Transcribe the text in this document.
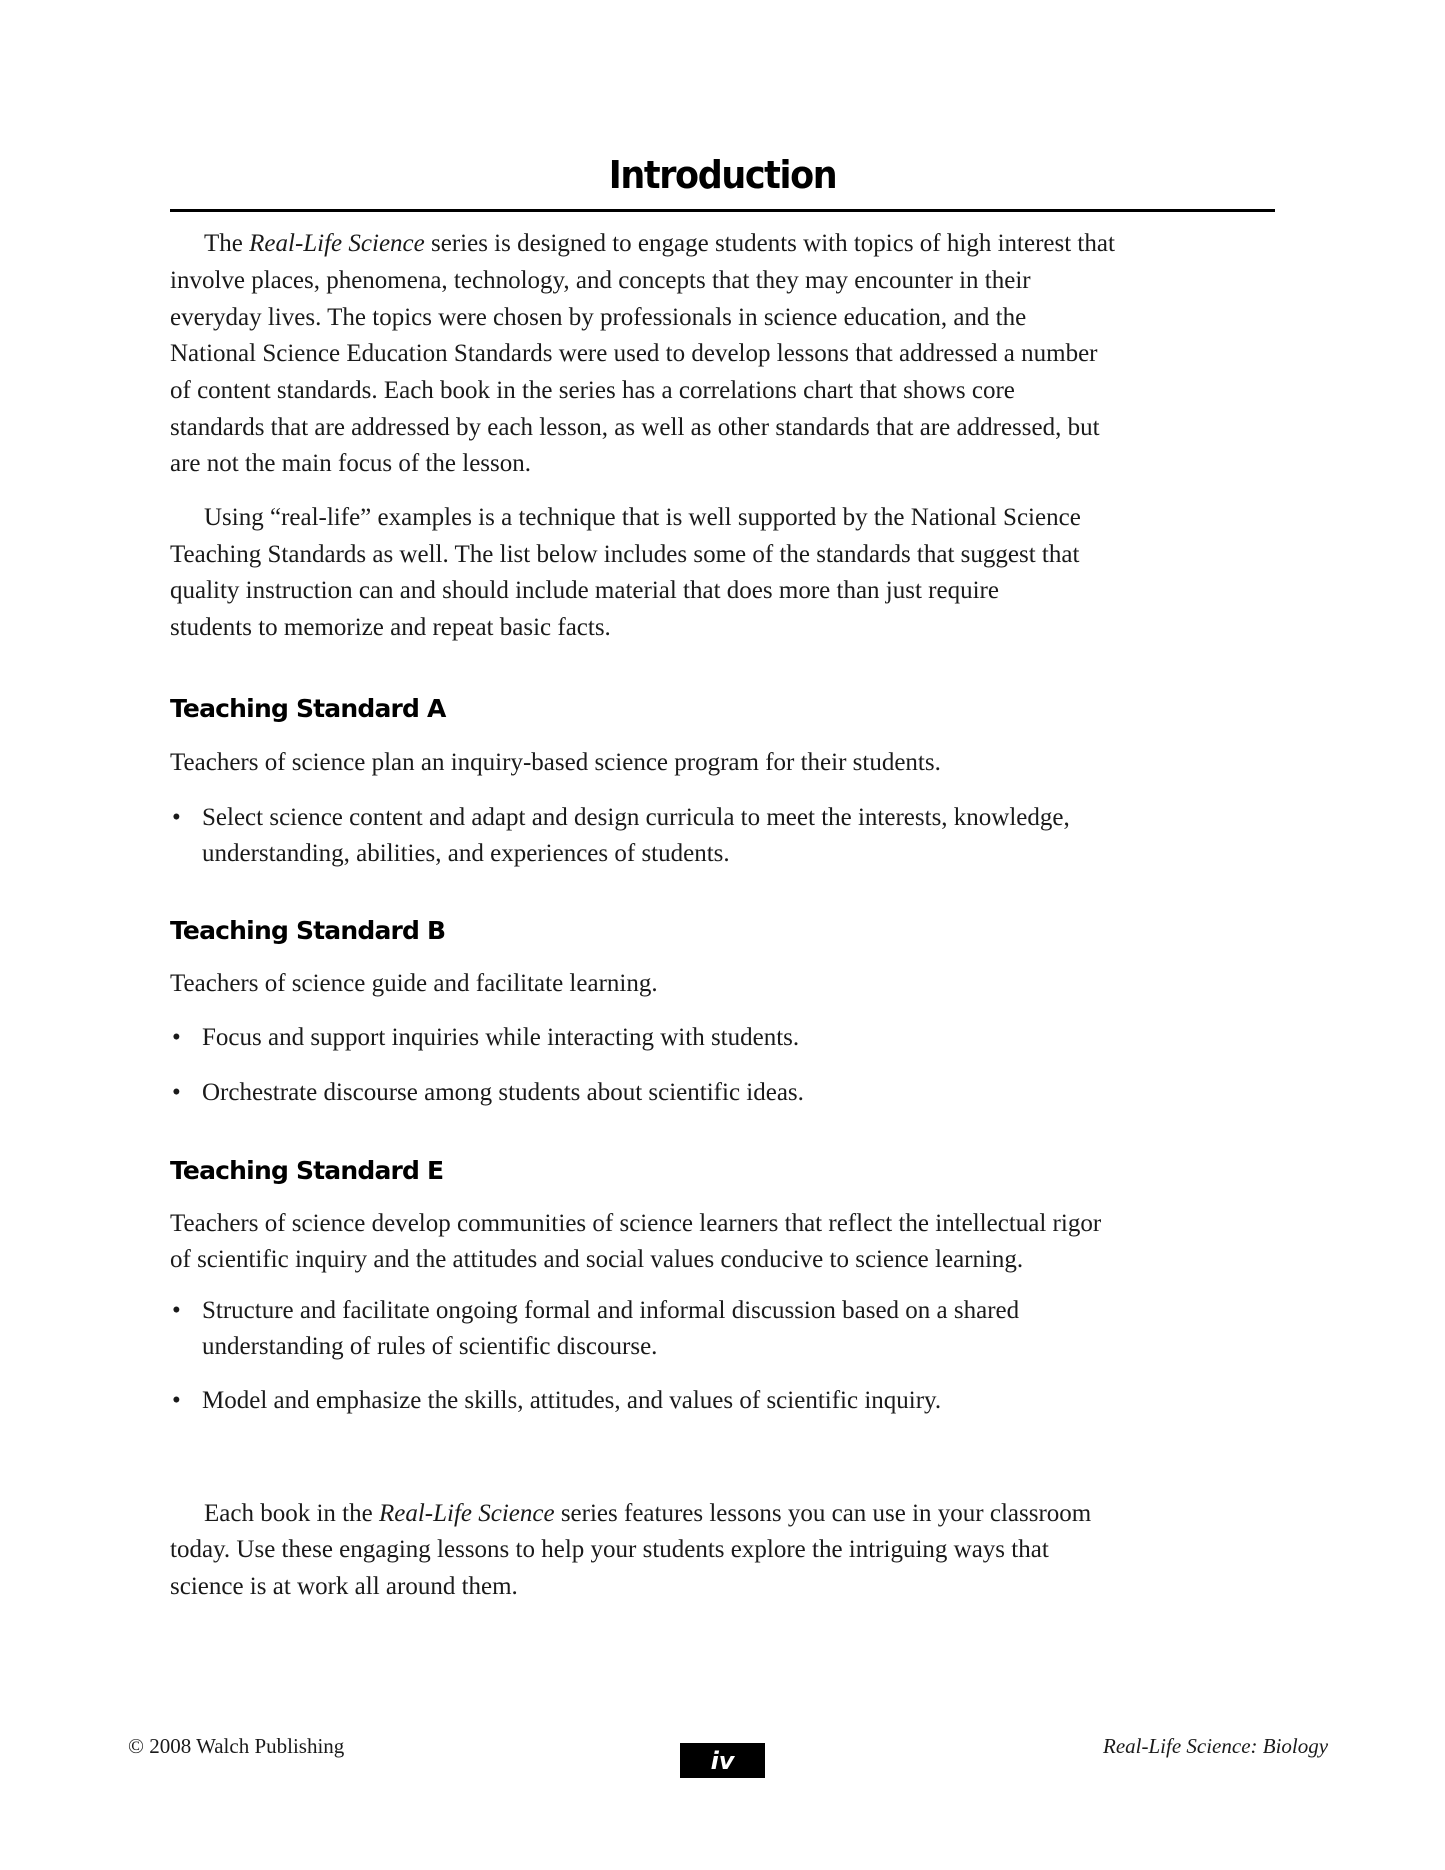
Introduction
The Real-Life Science series is designed to engage students with topics of high interest that
involve places, phenomena, technology, and concepts that they may encounter in their
everyday lives. The topics were chosen by professionals in science education, and the
National Science Education Standards were used to develop lessons that addressed a number
of content standards. Each book in the series has a correlations chart that shows core
standards that are addressed by each lesson, as well as other standards that are addressed, but
are not the main focus of the lesson.
Using “real-life” examples is a technique that is well supported by the National Science
Teaching Standards as well. The list below includes some of the standards that suggest that
quality instruction can and should include material that does more than just require
students to memorize and repeat basic facts.
Teaching Standard A
Teachers of science plan an inquiry-based science program for their students.
• Select science content and adapt and design curricula to meet the interests, knowledge,
understanding, abilities, and experiences of students.
Teaching Standard B
Teachers of science guide and facilitate learning.
• Focus and support inquiries while interacting with students.
• Orchestrate discourse among students about scientific ideas.
Teaching Standard E
Teachers of science develop communities of science learners that reflect the intellectual rigor
of scientific inquiry and the attitudes and social values conducive to science learning.
• Structure and facilitate ongoing formal and informal discussion based on a shared
understanding of rules of scientific discourse.
• Model and emphasize the skills, attitudes, and values of scientific inquiry.
Each book in the Real-Life Science series features lessons you can use in your classroom
today. Use these engaging lessons to help your students explore the intriguing ways that
science is at work all around them.
© 2008 Walch Publishing
iv
Real-Life Science: Biology
